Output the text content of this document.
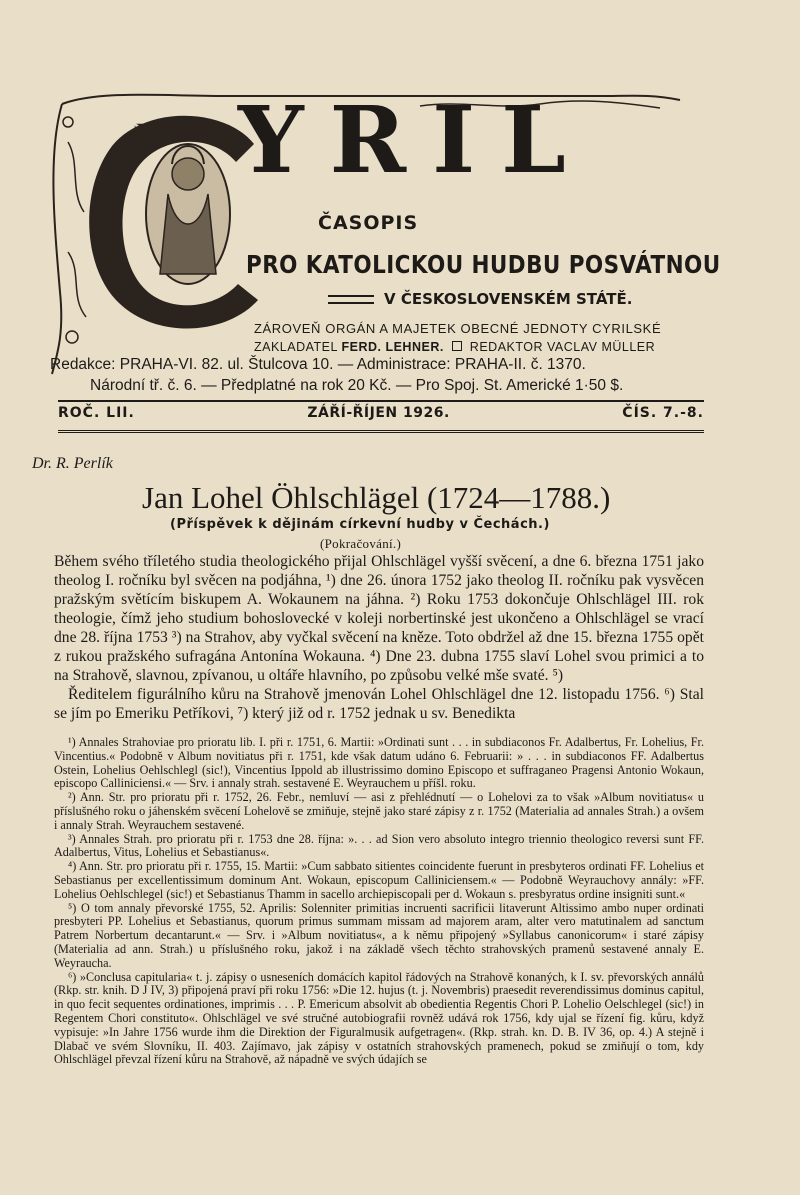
✠ YRIL
ČASOPIS
PRO KATOLICKOU HUDBU POSVÁTNOU
V ČESKOSLOVENSKÉM STÁTĚ.
ZÁROVEŇ ORGÁN A MAJETEK OBECNÉ JEDNOTY CYRILSKÉ
ZAKLADATEL FERD. LEHNER. REDAKTOR VACLAV MÜLLER
Redakce: PRAHA-VI. 82. ul. Štulcova 10. — Administrace: PRAHA-II. č. 1370.
Národní tř. č. 6. — Předplatné na rok 20 Kč. — Pro Spoj. St. Americké 1·50 $.
ROČ. LII.	ZÁŘÍ-ŘÍJEN 1926.	ČÍS. 7.-8.
Dr. R. Perlík
Jan Lohel Öhlschlägel (1724—1788.)
(Příspěvek k dějinám církevní hudby v Čechách.)
(Pokračování.)

Během svého tříletého studia theologického přijal Ohlschlägel vyšší svěcení, a dne 6. března 1751 jako theolog I. ročníku byl svěcen na podjáhna, ¹) dne 26. února 1752 jako theolog II. ročníku pak vysvěcen pražským světícím biskupem A. Wokaunem na jáhna. ²) Roku 1753 dokončuje Ohlschlägel III. rok theologie, čímž jeho studium bohoslovecké v koleji norbertinské jest ukončeno a Ohlschlägel se vrací dne 28. října 1753 ³) na Strahov, aby vyčkal svěcení na kněze. Toto obdržel až dne 15. března 1755 opět z rukou pražského sufragána Antonína Wokauna. ⁴) Dne 23. dubna 1755 slaví Lohel svou primici a to na Strahově, slavnou, zpívanou, u oltáře hlavního, po způsobu velké mše svaté. ⁵)

Ředitelem figurálního kůru na Strahově jmenován Lohel Ohlschlägel dne 12. listopadu 1756. ⁶) Stal se jím po Emeriku Petříkovi, ⁷) který již od r. 1752 jednak u sv. Benedikta

¹) Annales Strahoviae pro prioratu lib. I. při r. 1751, 6. Martii: »Ordinati sunt . . . in subdiaconos Fr. Adalbertus, Fr. Lohelius, Fr. Vincentius.« Podobně v Album novitiatus při r. 1751, kde však datum udáno 6. Februarii: » . . . in subdiaconos FF. Adalbertus Ostein, Lohelius Oehlschlegl (sic!), Vincentius Ippold ab illustrissimo domino Episcopo et suffraganeo Pragensi Antonio Wokaun, episcopo Calliniciensi.« — Srv. i annaly strah. sestavené E. Weyrauchem u příšl. roku.

²) Ann. Str. pro prioratu při r. 1752, 26. Febr., nemluví — asi z přehlédnutí — o Lohelovi za to však »Album novitiatus« u příslušného roku o jáhenském svěcení Lohelově se zmiňuje, stejně jako staré zápisy z r. 1752 (Materialia ad annales Strah.) a ovšem i annaly Strah. Weyrauchem sestavené.

³) Annales Strah. pro prioratu při r. 1753 dne 28. října: ». . . ad Sion vero absoluto integro triennio theologico reversi sunt FF. Adalbertus, Vitus, Lohelius et Sebastianus«.

⁴) Ann. Str. pro prioratu při r. 1755, 15. Martii: »Cum sabbato sitientes coincidente fuerunt in presbyteros ordinati FF. Lohelius et Sebastianus per excellentissimum dominum Ant. Wokaun, episcopum Calliniciensem.« — Podobně Weyrauchovy annály: »FF. Lohelius Oehlschlegel (sic!) et Sebastianus Thamm in sacello archiepiscopali per d. Wokaun s. presbyratus ordine insigniti sunt.«

⁵) O tom annaly převorské 1755, 52. Aprilis: Solenniter primitias incruenti sacrificii litaverunt Altissimo ambo nuper ordinati presbyteri PP. Lohelius et Sebastianus, quorum primus summam missam ad majorem aram, alter vero matutinalem ad sanctum Patrem Norbertum decantarunt.« — Srv. i »Album novitiatus«, a k němu připojený »Syllabus canonicorum« i staré zápisy (Materialia ad ann. Strah.) u příslušného roku, jakož i na základě všech těchto strahovských pramenů sestavené annaly E. Weyraucha.

⁶) »Conclusa capitularia« t. j. zápisy o usneseních domácích kapitol řádových na Strahově konaných, k I. sv. převorských annálů (Rkp. str. knih. D J IV, 3) připojená praví při roku 1756: »Die 12. hujus (t. j. Novembris) praesedit reverendissimus dominus capitul, in quo fecit sequentes ordinationes, imprimis . . . P. Emericum absolvit ab obedientia Regentis Chori P. Lohelio Oelschlegel (sic!) in Regentem Chori constituto«. Ohlschlägel ve své stručné autobiografii rovněž udává rok 1756, kdy ujal se řízení fig. kůru, když vypisuje: »In Jahre 1756 wurde ihm die Direktion der Figuralmusik aufgetragen«. (Rkp. strah. kn. D. B. IV 36, op. 4.) A stejně i Dlabač ve svém Slovníku, II. 403. Zajímavo, jak zápisy v ostatních strahovských pramenech, pokud se zmiňují o tom, kdy Ohlschlägel převzal řízení kůru na Strahově, až nápadně ve svých údajích se
